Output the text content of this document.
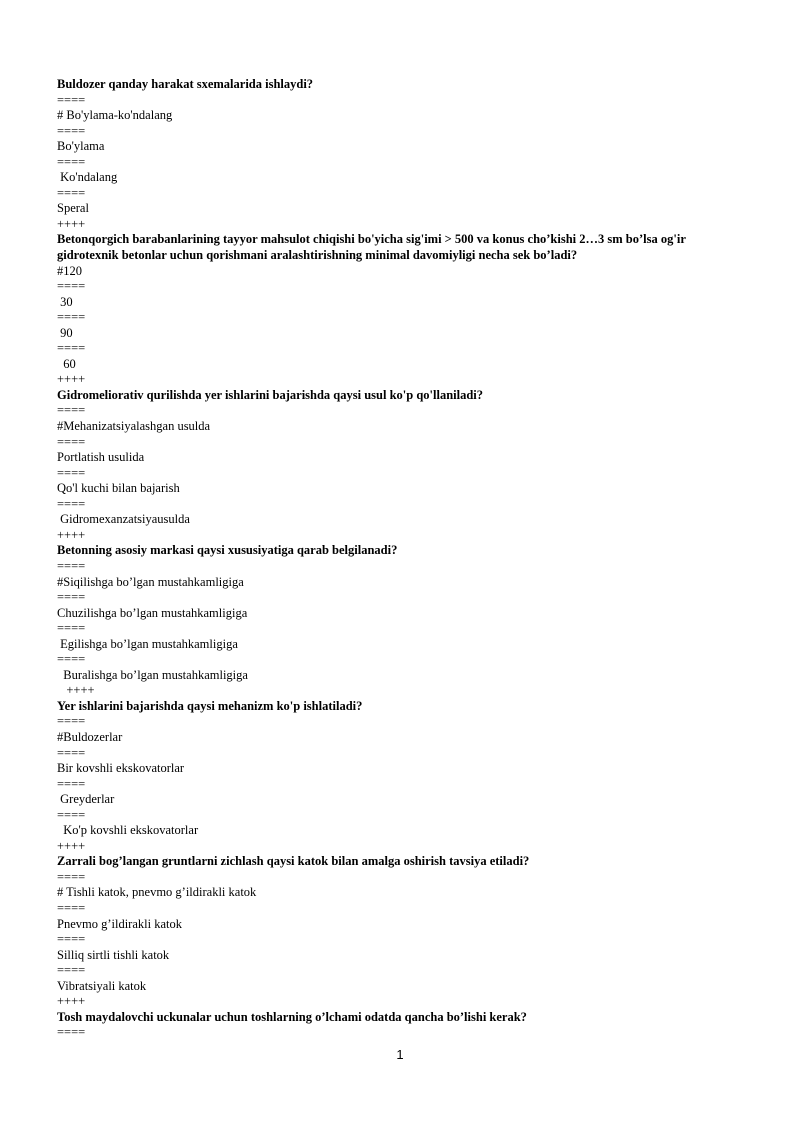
Buldozer qanday harakat sxemalarida ishlaydi?
====
# Bo'ylama-ko'ndalang
====
Bo'ylama
====
Ko'ndalang
====
Speral
++++
Betonqorgich barabanlarining tayyor mahsulot chiqishi bo'yicha sig'imi > 500 va konus cho’kishi 2…3 sm bo’lsa og'ir gidrotexnik betonlar uchun qorishmani aralashtirishning minimal davomiyligi necha sek bo’ladi?
#120
====
30
====
90
====
60
++++
Gidromeliorativ qurilishda yer ishlarini bajarishda qaysi usul ko'p qo'llaniladi?
====
#Mehanizatsiyalashgan usulda
====
Portlatish usulida
====
Qo'l kuchi bilan bajarish
====
Gidromexanzatsiyausulda
++++
Betonning asosiy markasi qaysi xususiyatiga qarab belgilanadi?
====
#Siqilishga bo’lgan mustahkamligiga
====
Chuzilishga bo’lgan mustahkamligiga
====
Egilishga bo’lgan mustahkamligiga
====
Buralishga bo’lgan mustahkamligiga
++++
Yer ishlarini bajarishda qaysi mehanizm ko'p ishlatiladi?
====
#Buldozerlar
====
Bir kovshli ekskovatorlar
====
Greyderlar
====
Ko'p kovshli ekskovatorlar
++++
Zarrali bog’langan gruntlarni zichlash qaysi katok bilan amalga oshirish tavsiya etiladi?
====
# Tishli katok, pnevmo g’ildirakli katok
====
Pnevmo g’ildirakli katok
====
Silliq sirtli tishli katok
====
Vibratsiyali katok
++++
Tosh maydalovchi uckunalar uchun toshlarning o’lchami odatda qancha bo’lishi kerak?
====
1
